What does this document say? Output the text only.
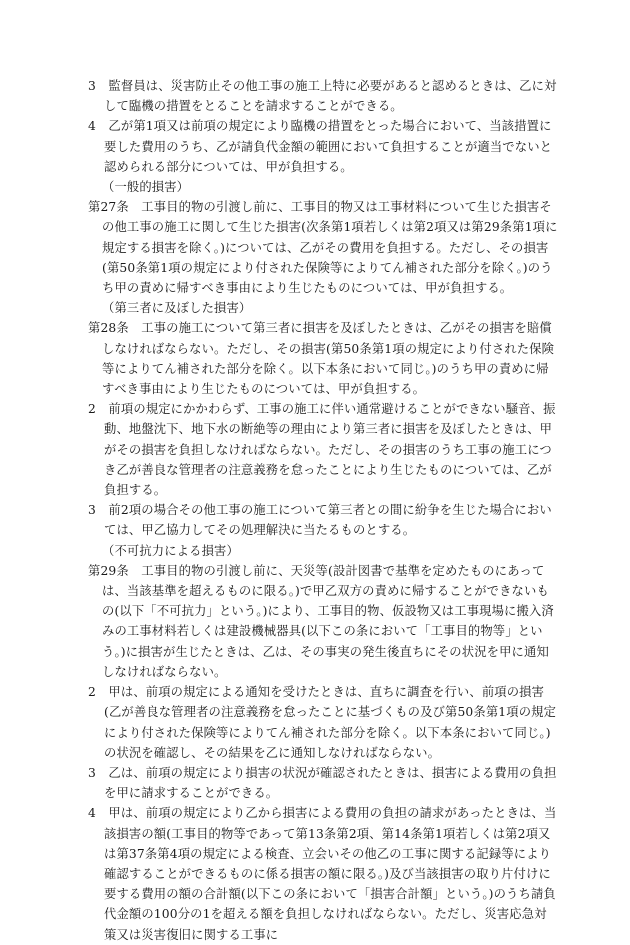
3　監督員は、災害防止その他工事の施工上特に必要があると認めるときは、乙に対して臨機の措置をとることを請求することができる。

4　乙が第1項又は前項の規定により臨機の措置をとった場合において、当該措置に要した費用のうち、乙が請負代金額の範囲において負担することが適当でないと認められる部分については、甲が負担する。

（一般的損害）

第27条　工事目的物の引渡し前に、工事目的物又は工事材料について生じた損害その他工事の施工に関して生じた損害(次条第1項若しくは第2項又は第29条第1項に規定する損害を除く。)については、乙がその費用を負担する。ただし、その損害(第50条第1項の規定により付された保険等によりてん補された部分を除く。)のうち甲の責めに帰すべき事由により生じたものについては、甲が負担する。

（第三者に及ぼした損害）

第28条　工事の施工について第三者に損害を及ぼしたときは、乙がその損害を賠償しなければならない。ただし、その損害(第50条第1項の規定により付された保険等によりてん補された部分を除く。以下本条において同じ。)のうち甲の責めに帰すべき事由により生じたものについては、甲が負担する。

2　前項の規定にかかわらず、工事の施工に伴い通常避けることができない騒音、振動、地盤沈下、地下水の断絶等の理由により第三者に損害を及ぼしたときは、甲がその損害を負担しなければならない。ただし、その損害のうち工事の施工につき乙が善良な管理者の注意義務を怠ったことにより生じたものについては、乙が負担する。

3　前2項の場合その他工事の施工について第三者との間に紛争を生じた場合においては、甲乙協力してその処理解決に当たるものとする。

（不可抗力による損害）

第29条　工事目的物の引渡し前に、天災等(設計図書で基準を定めたものにあっては、当該基準を超えるものに限る。)で甲乙双方の責めに帰することができないもの(以下「不可抗力」という。)により、工事目的物、仮設物又は工事現場に搬入済みの工事材料若しくは建設機械器具(以下この条において「工事目的物等」という。)に損害が生じたときは、乙は、その事実の発生後直ちにその状況を甲に通知しなければならない。

2　甲は、前項の規定による通知を受けたときは、直ちに調査を行い、前項の損害(乙が善良な管理者の注意義務を怠ったことに基づくもの及び第50条第1項の規定により付された保険等によりてん補された部分を除く。以下本条において同じ。)の状況を確認し、その結果を乙に通知しなければならない。

3　乙は、前項の規定により損害の状況が確認されたときは、損害による費用の負担を甲に請求することができる。

4　甲は、前項の規定により乙から損害による費用の負担の請求があったときは、当該損害の額(工事目的物等であって第13条第2項、第14条第1項若しくは第2項又は第37条第4項の規定による検査、立会いその他乙の工事に関する記録等により確認することができるものに係る損害の額に限る。)及び当該損害の取り片付けに要する費用の額の合計額(以下この条において「損害合計額」という。)のうち請負代金額の100分の1を超える額を負担しなければならない。ただし、災害応急対策又は災害復旧に関する工事に
